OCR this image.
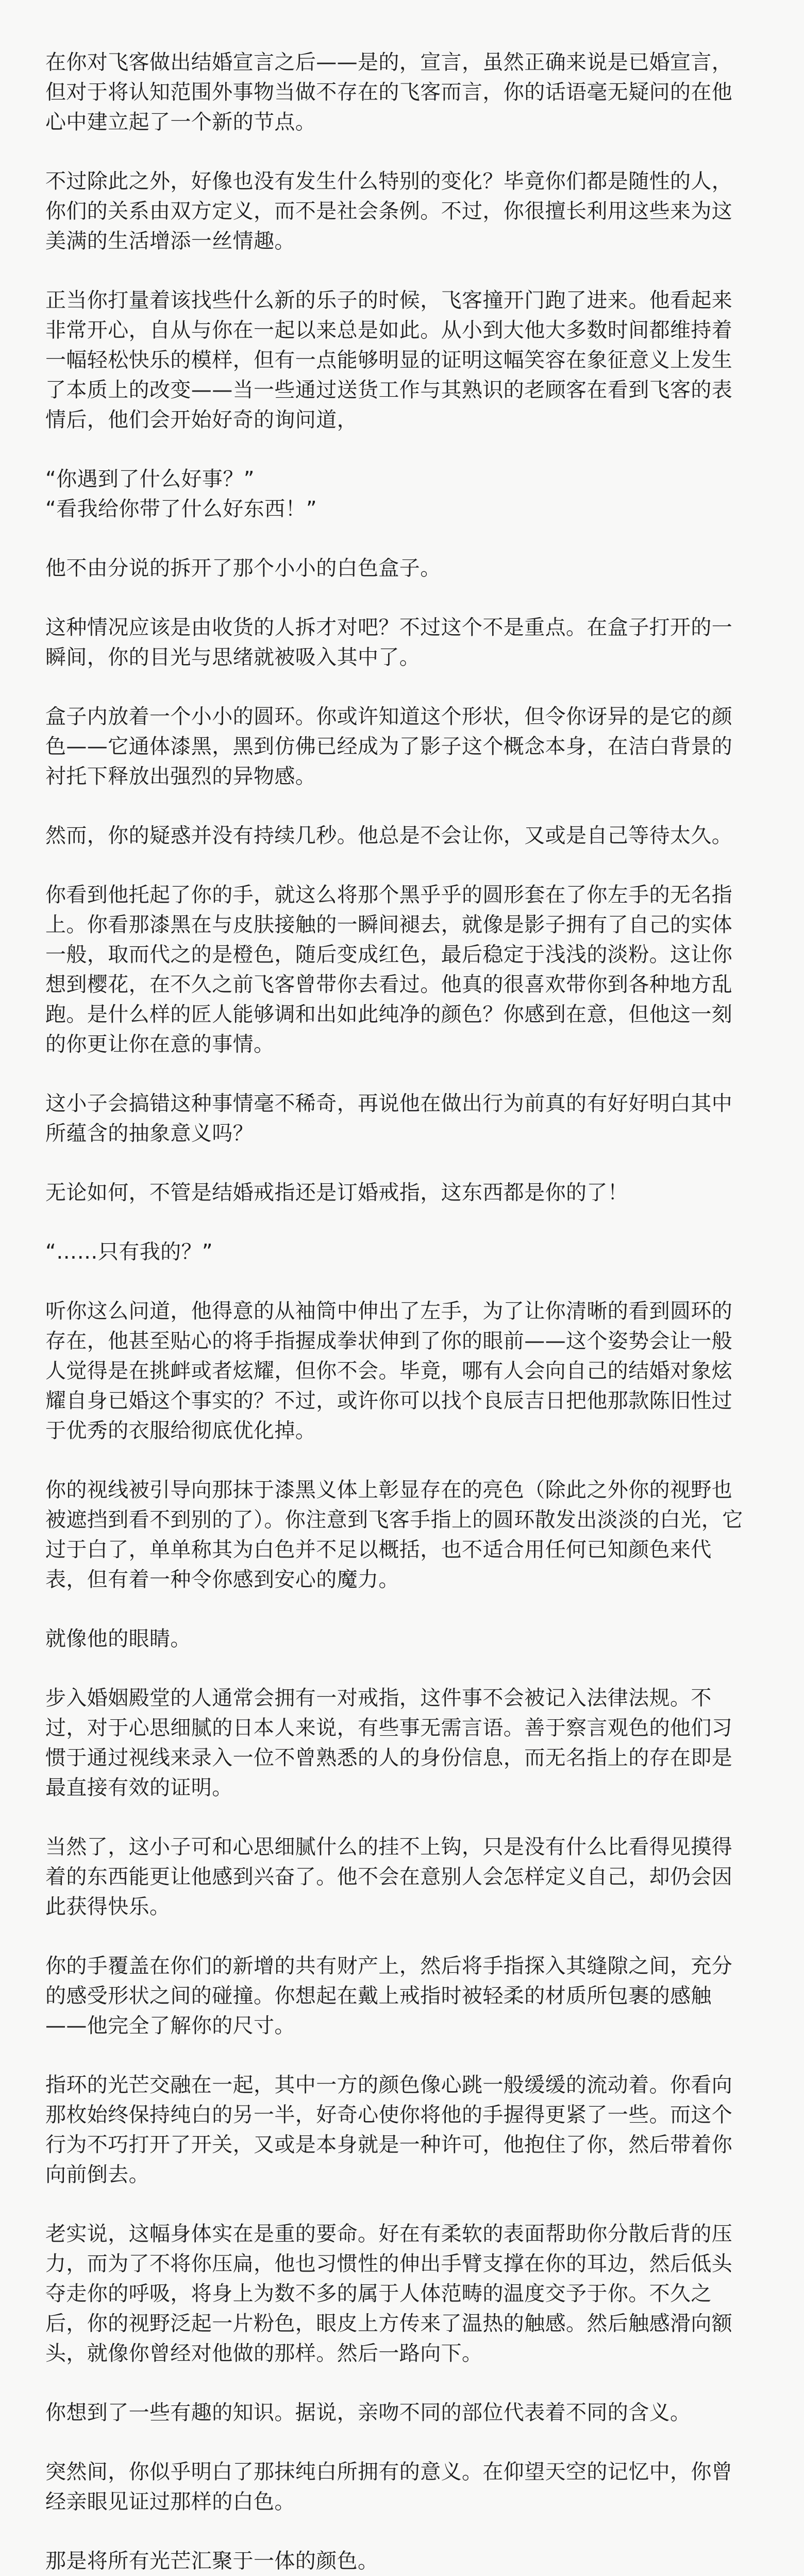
在你对飞客做出结婚宣言之后——是的，宣言，虽然正确来说是已婚宣言，但对于将认知范围外事物当做不存在的飞客而言，你的话语毫无疑问的在他心中建立起了一个新的节点。

不过除此之外，好像也没有发生什么特别的变化？毕竟你们都是随性的人，你们的关系由双方定义，而不是社会条例。不过，你很擅长利用这些来为这美满的生活增添一丝情趣。

正当你打量着该找些什么新的乐子的时候，飞客撞开门跑了进来。他看起来非常开心，自从与你在一起以来总是如此。从小到大他大多数时间都维持着一幅轻松快乐的模样，但有一点能够明显的证明这幅笑容在象征意义上发生了本质上的改变——当一些通过送货工作与其熟识的老顾客在看到飞客的表情后，他们会开始好奇的询问道，

“你遇到了什么好事？”

“看我给你带了什么好东西！”

他不由分说的拆开了那个小小的白色盒子。

这种情况应该是由收货的人拆才对吧？不过这个不是重点。在盒子打开的一瞬间，你的目光与思绪就被吸入其中了。

盒子内放着一个小小的圆环。你或许知道这个形状，但令你讶异的是它的颜色——它通体漆黑，黑到仿佛已经成为了影子这个概念本身，在洁白背景的衬托下释放出强烈的异物感。

然而，你的疑惑并没有持续几秒。他总是不会让你，又或是自己等待太久。

你看到他托起了你的手，就这么将那个黑乎乎的圆形套在了你左手的无名指上。你看那漆黑在与皮肤接触的一瞬间褪去，就像是影子拥有了自己的实体一般，取而代之的是橙色，随后变成红色，最后稳定于浅浅的淡粉。这让你想到樱花，在不久之前飞客曾带你去看过。他真的很喜欢带你到各种地方乱跑。是什么样的匠人能够调和出如此纯净的颜色？你感到在意，但他这一刻的你更让你在意的事情。

这小子会搞错这种事情毫不稀奇，再说他在做出行为前真的有好好明白其中所蕴含的抽象意义吗？

无论如何，不管是结婚戒指还是订婚戒指，这东西都是你的了！

“……只有我的？”

听你这么问道，他得意的从袖筒中伸出了左手，为了让你清晰的看到圆环的存在，他甚至贴心的将手指握成拳状伸到了你的眼前——这个姿势会让一般人觉得是在挑衅或者炫耀，但你不会。毕竟，哪有人会向自己的结婚对象炫耀自身已婚这个事实的？不过，或许你可以找个良辰吉日把他那款陈旧性过于优秀的衣服给彻底优化掉。

你的视线被引导向那抹于漆黑义体上彰显存在的亮色（除此之外你的视野也被遮挡到看不到别的了）。你注意到飞客手指上的圆环散发出淡淡的白光，它过于白了，单单称其为白色并不足以概括，也不适合用任何已知颜色来代表，但有着一种令你感到安心的魔力。

就像他的眼睛。

步入婚姻殿堂的人通常会拥有一对戒指，这件事不会被记入法律法规。不过，对于心思细腻的日本人来说，有些事无需言语。善于察言观色的他们习惯于通过视线来录入一位不曾熟悉的人的身份信息，而无名指上的存在即是最直接有效的证明。

当然了，这小子可和心思细腻什么的挂不上钩，只是没有什么比看得见摸得着的东西能更让他感到兴奋了。他不会在意别人会怎样定义自己，却仍会因此获得快乐。

你的手覆盖在你们的新增的共有财产上，然后将手指探入其缝隙之间，充分的感受形状之间的碰撞。你想起在戴上戒指时被轻柔的材质所包裹的感触——他完全了解你的尺寸。

指环的光芒交融在一起，其中一方的颜色像心跳一般缓缓的流动着。你看向那枚始终保持纯白的另一半，好奇心使你将他的手握得更紧了一些。而这个行为不巧打开了开关，又或是本身就是一种许可，他抱住了你，然后带着你向前倒去。

老实说，这幅身体实在是重的要命。好在有柔软的表面帮助你分散后背的压力，而为了不将你压扁，他也习惯性的伸出手臂支撑在你的耳边，然后低头夺走你的呼吸，将身上为数不多的属于人体范畴的温度交予于你。不久之后，你的视野泛起一片粉色，眼皮上方传来了温热的触感。然后触感滑向额头，就像你曾经对他做的那样。然后一路向下。

你想到了一些有趣的知识。据说，亲吻不同的部位代表着不同的含义。

突然间，你似乎明白了那抹纯白所拥有的意义。在仰望天空的记忆中，你曾经亲眼见证过那样的白色。

那是将所有光芒汇聚于一体的颜色。
